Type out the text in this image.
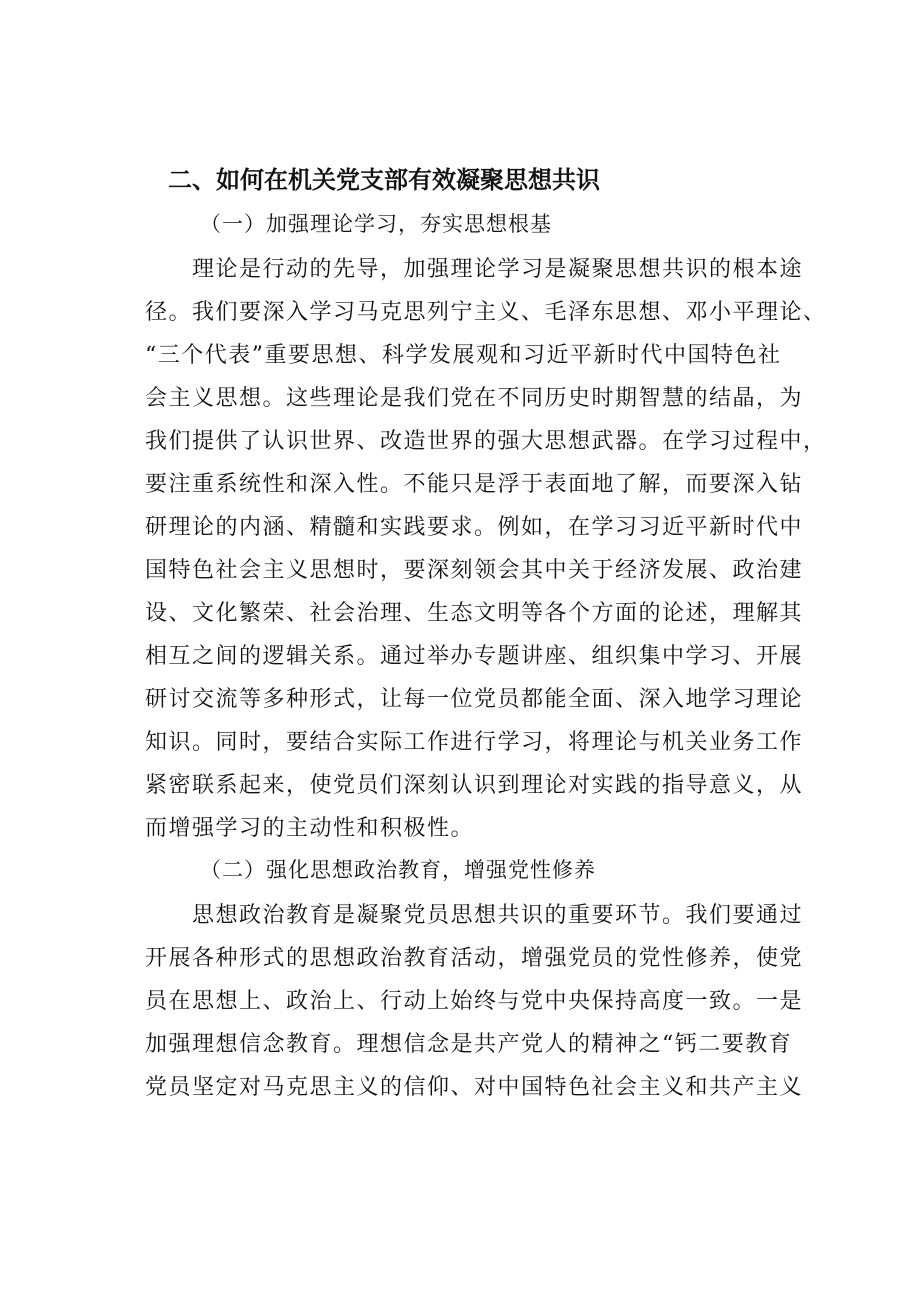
二、如何在机关党支部有效凝聚思想共识
（一）加强理论学习，夯实思想根基
　　理论是行动的先导，加强理论学习是凝聚思想共识的根本途
径。我们要深入学习马克思列宁主义、毛泽东思想、邓小平理论、
“三个代表”重要思想、科学发展观和习近平新时代中国特色社
会主义思想。这些理论是我们党在不同历史时期智慧的结晶，为
我们提供了认识世界、改造世界的强大思想武器。在学习过程中，
要注重系统性和深入性。不能只是浮于表面地了解，而要深入钻
研理论的内涵、精髓和实践要求。例如，在学习习近平新时代中
国特色社会主义思想时，要深刻领会其中关于经济发展、政治建
设、文化繁荣、社会治理、生态文明等各个方面的论述，理解其
相互之间的逻辑关系。通过举办专题讲座、组织集中学习、开展
研讨交流等多种形式，让每一位党员都能全面、深入地学习理论
知识。同时，要结合实际工作进行学习，将理论与机关业务工作
紧密联系起来，使党员们深刻认识到理论对实践的指导意义，从
而增强学习的主动性和积极性。
（二）强化思想政治教育，增强党性修养
　　思想政治教育是凝聚党员思想共识的重要环节。我们要通过
开展各种形式的思想政治教育活动，增强党员的党性修养，使党
员在思想上、政治上、行动上始终与党中央保持高度一致。一是
加强理想信念教育。理想信念是共产党人的精神之“钙二要教育
党员坚定对马克思主义的信仰、对中国特色社会主义和共产主义
